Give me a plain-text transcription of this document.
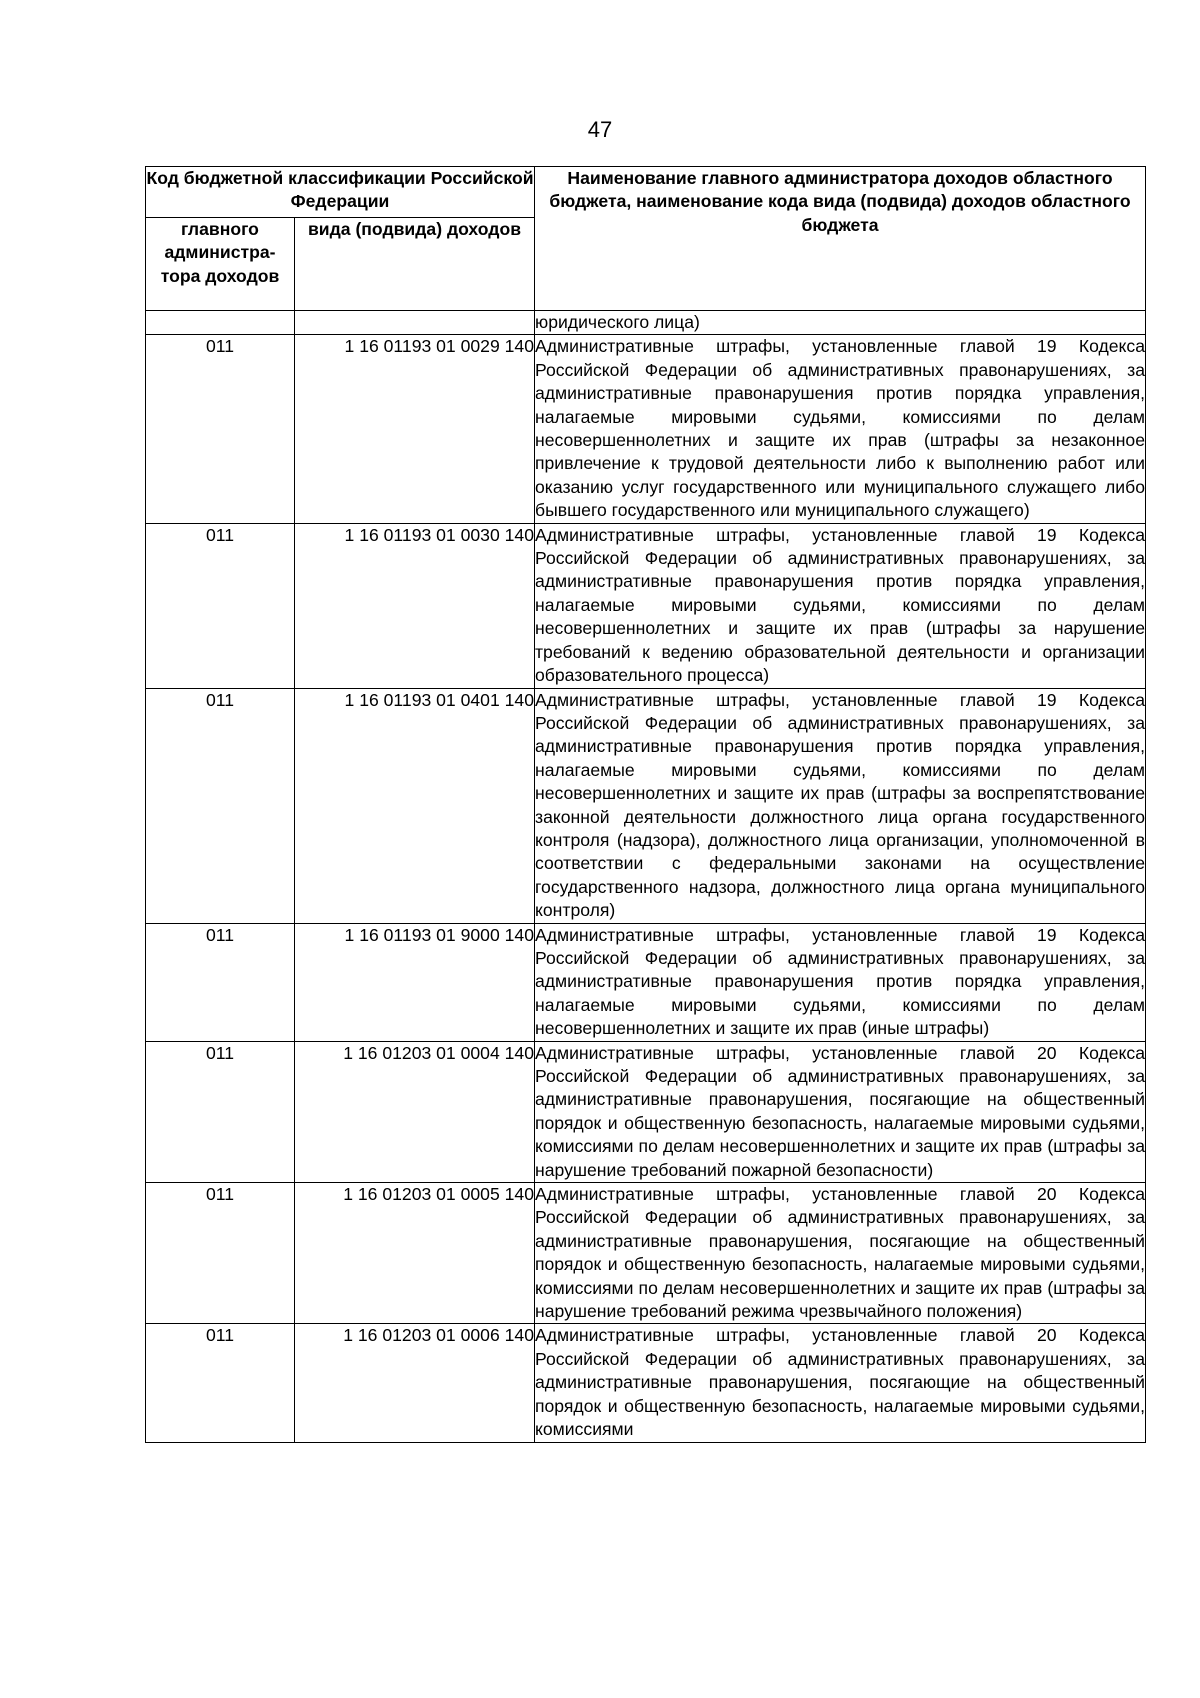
47
Код бюджетной классификации Российской Федерации		Наименование главного администратора доходов областного бюджета, наименование кода вида (подвида) доходов областного бюджета
главного администра-тора доходов	вида (подвида) доходов	
		юридического лица)
011	1 16 01193 01 0029 140	Административные штрафы, установленные главой 19 Кодекса Российской Федерации об административных правонарушениях, за административные правонарушения против порядка управления, налагаемые мировыми судьями, комиссиями по делам несовершеннолетних и защите их прав (штрафы за незаконное привлечение к трудовой деятельности либо к выполнению работ или оказанию услуг государственного или муниципального служащего либо бывшего государственного или муниципального служащего)
011	1 16 01193 01 0030 140	Административные штрафы, установленные главой 19 Кодекса Российской Федерации об административных правонарушениях, за административные правонарушения против порядка управления, налагаемые мировыми судьями, комиссиями по делам несовершеннолетних и защите их прав (штрафы за нарушение требований к ведению образовательной деятельности и организации образовательного процесса)
011	1 16 01193 01 0401 140	Административные штрафы, установленные главой 19 Кодекса Российской Федерации об административных правонарушениях, за административные правонарушения против порядка управления, налагаемые мировыми судьями, комиссиями по делам несовершеннолетних и защите их прав (штрафы за воспрепятствование законной деятельности должностного лица органа государственного контроля (надзора), должностного лица организации, уполномоченной в соответствии с федеральными законами на осуществление государственного надзора, должностного лица органа муниципального контроля)
011	1 16 01193 01 9000 140	Административные штрафы, установленные главой 19 Кодекса Российской Федерации об административных правонарушениях, за административные правонарушения против порядка управления, налагаемые мировыми судьями, комиссиями по делам несовершеннолетних и защите их прав (иные штрафы)
011	1 16 01203 01 0004 140	Административные штрафы, установленные главой 20 Кодекса Российской Федерации об административных правонарушениях, за административные правонарушения, посягающие на общественный порядок и общественную безопасность, налагаемые мировыми судьями, комиссиями по делам несовершеннолетних и защите их прав (штрафы за нарушение требований пожарной безопасности)
011	1 16 01203 01 0005 140	Административные штрафы, установленные главой 20 Кодекса Российской Федерации об административных правонарушениях, за административные правонарушения, посягающие на общественный порядок и общественную безопасность, налагаемые мировыми судьями, комиссиями по делам несовершеннолетних и защите их прав (штрафы за нарушение требований режима чрезвычайного положения)
011	1 16 01203 01 0006 140	Административные штрафы, установленные главой 20 Кодекса Российской Федерации об административных правонарушениях, за административные правонарушения, посягающие на общественный порядок и общественную безопасность, налагаемые мировыми судьями, комиссиями
